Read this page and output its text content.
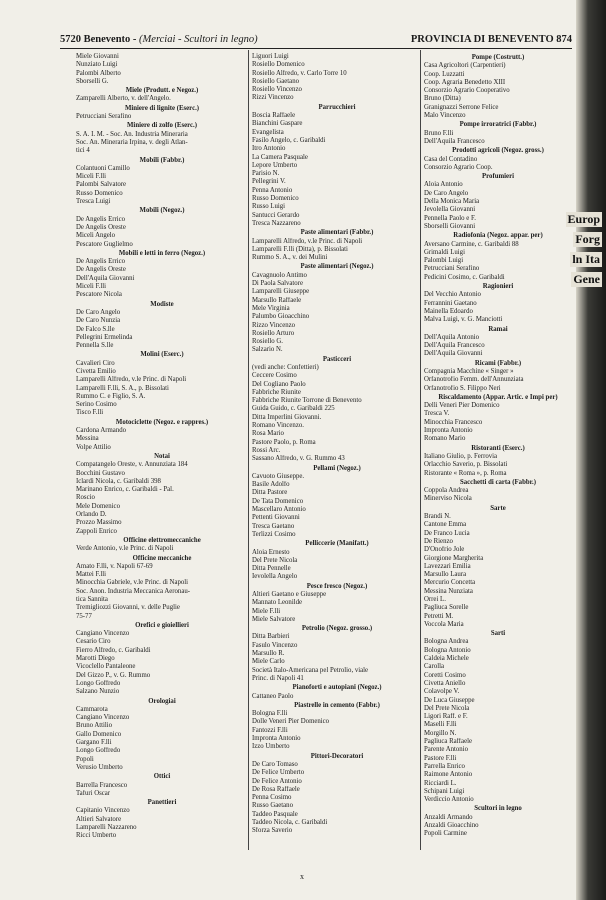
5720 Benevento - (Merciai - Scultori in legno)	PROVINCIA DI BENEVENTO 874
Miele Giovanni
Nunziato Luigi
Palombi Alberto
Sborselli G.
Miele (Produtt. e Negoz.)
Zamparelli Alberto, v. dell'Angelo.
Miniere di lignite (Eserc.)
Petrucciani Serafino
Miniere di zolfo (Eserc.)
S. A. I. M. - Soc. An. Industria Mineraria
Soc. An. Mineraria Irpina, v. degli Atlan-
tici 4
Mobili (Fabbr.)
Colantuoni Camillo
Miceli F.lli
Palombi Salvatore
Russo Domenico
Tresca Luigi
Mobili (Negoz.)
De Angelis Errico
De Angelis Oreste
Miceli Angelo
Pescatore Guglielmo
Mobili e letti in ferro (Negoz.)
De Angelis Errico
De Angelis Oreste
Dell'Aquila Giovanni
Miceli F.lli
Pescatore Nicola
Modiste
De Caro Angelo
De Caro Nunzia
De Falco S.lle
Pellegrini Ermelinda
Pennella S.lle
Molini (Eserc.)
Cavalieri Ciro
Civetta Emilio
Lamparelli Alfredo, v.le Princ. di Napoli
Lamparelli F.lli, S. A., p. Bissolati
Rummo C. e Figlio, S. A.
Serino Cosimo
Tisco F.lli
Motociclette (Negoz. e rappres.)
Cardona Armando
Messina
Volpe Attilio
Notai
Compatangelo Oreste, v. Annunziata 184
Bocchini Gustavo
Iclardi Nicola, c. Garibaldi 398
Marinano Enrico, c. Garibaldi - Pal.
Roscio
Mele Domenico
Orlando D.
Prozzo Massimo
Zappoli Enrico
Officine elettromeccaniche
Verde Antonio, v.le Princ. di Napoli
Officine meccaniche
Amato F.lli, v. Napoli 67-69
Mattei F.lli
Minocchia Gabriele, v.le Princ. di Napoli
Soc. Anon. Industria Meccanica Aeronau-
tica Sannita
Tremigliozzi Giovanni, v. delle Puglie
75-77
Orefici e gioiellieri
Cangiano Vincenzo
Cesario Ciro
Fierro Alfredo, c. Garibaldi
Marotti Diego
Vicoclello Pantaleone
Del Gizzo P., v. G. Rummo
Longo Goffredo
Salzano Nunzio
Orologiai
Cammarota
Cangiano Vincenzo
Bruno Attilio
Gallo Domenico
Gargano F.lli
Longo Goffredo
Popoli
Verusio Umberto
Ottici
Barrella Francesco
Tafuri Oscar
Panettieri
Capitanio Vincenzo
Altieri Salvatore
Lamparelli Nazzareno
Ricci Umberto
Liguori Luigi
Rosiello Domenico
Rosiello Alfredo, v. Carlo Torre 10
Rosiello Gaetano
Rosiello Vincenzo
Rizzi Vincenzo
Parrucchieri
Boscia Raffaele
Bianchini Gaspare
Evangelista
Fasilo Angelo, c. Garibaldi
Itro Antonio
La Camera Pasquale
Lepore Umberto
Parisio N.
Pellegrini V.
Penna Antonio
Russo Domenico
Russo Luigi
Santucci Gerardo
Tresca Nazzareno
Paste alimentari (Fabbr.)
Lamparelli Alfredo, v.le Princ. di Napoli
Lamparelli F.lli (Ditta), p. Bissolati
Rummo S. A., v. dei Mulini
Paste alimentari (Negoz.)
Cavagnuolo Antimo
Di Paola Salvatore
Lamparelli Giuseppe
Marsullo Raffaele
Mele Virginia
Palumbo Gioacchino
Rizzo Vincenzo
Rosiello Arturo
Rosiello G.
Salzario N.
Pasticceri
(vedi anche: Confettieri)
Ceccere Cosimo
Del Cogliano Paolo
Fabbriche Riunite
Fabbriche Riunite Torrone di Benevento
Guida Guido, c. Garibaldi 225
Ditta Imperlini Giovanni.
Romano Vincenzo.
Rosa Mario
Pastore Paolo, p. Roma
Rossi Arc.
Sassano Alfredo, v. G. Rummo 43
Pellami (Negoz.)
Cavuoto Giuseppe.
Basile Adolfo
Ditta Pastore
De Tata Domenico
Mascellaro Antonio
Pettenti Giovanni
Tresca Gaetano
Terlizzi Cosimo
Pelliccerie (Manifatt.)
Aloia Ernesto
Del Prete Nicola
Ditta Pennelle
Ievolella Angelo
Pesce fresco (Negoz.)
Altieri Gaetano e Giuseppe
Mannato Leonilde
Miele F.lli
Miele Salvatore
Petrolio (Negoz. grosso.)
Ditta Barbieri
Fasulo Vincenzo
Marsullo R.
Miele Carlo
Società Italo-Americana pel Petrolio, viale
Princ. di Napoli 41
Pianoforti e autopiani (Negoz.)
Cattaneo Paolo
Piastrelle in cemento (Fabbr.)
Bologna F.lli
Dolle Veneri Pier Domenico
Fantozzi F.lli
Impronta Antonio
Izzo Umberto
Pittori-Decoratori
De Caro Tomaso
De Felice Umberto
De Felice Antonio
De Rosa Raffaele
Penna Cosimo
Russo Gaetano
Taddeo Pasquale
Taddeo Nicola, c. Garibaldi
Sforza Saverio
Pompe (Costrutt.)
Casa Agricoltori (Carpentieri)
Coop. Luzzatti
Coop. Agraria Benedetto XIII
Consorzio Agrario Cooperativo
Bruno (Ditta)
Granignazzi Serrone Felice
Malo Vincenzo
Pompe irroratrici (Fabbr.)
Bruno F.lli
Dell'Aquila Francesco
Prodotti agricoli (Negoz. gross.)
Casa del Contadino
Consorzio Agrario Coop.
Profumieri
Aloia Antonio
De Caro Angelo
Della Monica Maria
Jevolella Giovanni
Pennella Paolo e F.
Sborselli Giovanni
Radiofonia (Negoz. appar. per)
Aversano Carmine, c. Garibaldi 88
Grimaldi Luigi
Palombi Luigi
Petrucciani Serafino
Pedicini Cosimo, c. Garibaldi
Ragionieri
Del Vecchio Antonio
Ferrannini Gaetano
Mainella Edoardo
Malva Luigi, v. G. Manciotti
Ramai
Dell'Aquila Antonio
Dell'Aquila Francesco
Dell'Aquila Giovanni
Ricami (Fabbr.)
Compagnia Macchine « Singer »
Orfanotrofio Femm. dell'Annunziata
Orfanotrofio S. Filippo Neri
Riscaldamento (Appar. Artic. e Impi per)
Delli Veneri Pier Domenico
Tresca V.
Minocchia Francesco
Impronta Antonio
Romano Mario
Ristoranti (Eserc.)
Italiano Giulio, p. Ferrovia
Orlacchio Saverio, p. Bissolati
Ristorante « Roma », p. Roma
Sacchetti di carta (Fabbr.)
Coppola Andrea
Minerviso Nicola
Sarte
Brandi N.
Cantone Emma
De Franco Lucia
De Rienzo
D'Onofrio Jole
Giorgione Margherita
Lavezzari Emilia
Marsullo Laura
Mercurio Concetta
Messina Nunziata
Orrei L.
Pagliuca Sorelle
Petretti M.
Voccola Maria
Sarti
Bologna Andrea
Bologna Antonio
Caldeia Michele
Carolla
Coretti Cosimo
Civetta Aniello
Colavolpe V.
De Luca Giuseppe
Del Prete Nicola
Ligori Raff. e F.
Maselli F.lli
Morgillo N.
Pagliuca Raffaele
Parente Antonio
Pastore F.lli
Parrella Enrico
Raimone Antonio
Ricciardi L.
Schipani Luigi
Verdiccio Antonio
Scultori in legno
Anzaldi Armando
Anzaldi Gioacchino
Popoli Carmine
Europ
Forg
ln Ita
Gene
x
